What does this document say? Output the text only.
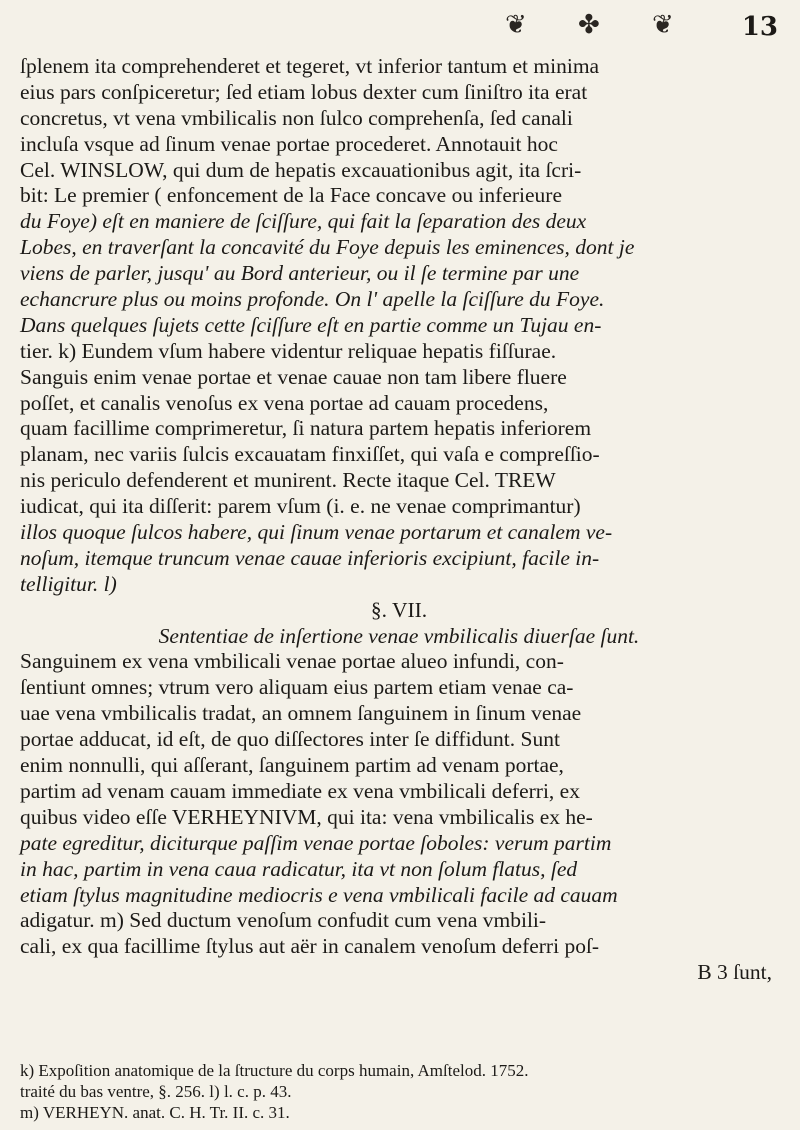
❦ ✤ ❦	13
ſplenem ita comprehenderet et tegeret, vt inferior tantum et minima
eius pars conſpiceretur; ſed etiam lobus dexter cum ſiniſtro ita erat
concretus, vt vena vmbilicalis non ſulco comprehenſa, ſed canali
incluſa vsque ad ſinum venae portae procederet. Annotauit hoc
Cel. WINSLOW, qui dum de hepatis excauationibus agit, ita ſcri-
bit: Le premier ( enfoncement de la Face concave ou inferieure
du Foye) eſt en maniere de ſciſſure, qui fait la ſeparation des deux
Lobes, en traverſant la concavité du Foye depuis les eminences, dont je
viens de parler, jusqu' au Bord anterieur, ou il ſe termine par une
echancrure plus ou moins profonde. On l' apelle la ſciſſure du Foye.
Dans quelques ſujets cette ſciſſure eſt en partie comme un Tujau en-
tier. k) Eundem vſum habere videntur reliquae hepatis fiſſurae.
Sanguis enim venae portae et venae cauae non tam libere fluere
poſſet, et canalis venoſus ex vena portae ad cauam procedens,
quam facillime comprimeretur, ſi natura partem hepatis inferiorem
planam, nec variis ſulcis excauatam finxiſſet, qui vaſa e compreſſio-
nis periculo defenderent et munirent. Recte itaque Cel. TREW
iudicat, qui ita diſſerit: parem vſum (i. e. ne venae comprimantur)
illos quoque ſulcos habere, qui ſinum venae portarum et canalem ve-
noſum, itemque truncum venae cauae inferioris excipiunt, facile in-
telligitur. l)
§. VII.
Sententiae de inſertione venae vmbilicalis diuerſae ſunt.
Sanguinem ex vena vmbilicali venae portae alueo infundi, con-
ſentiunt omnes; vtrum vero aliquam eius partem etiam venae ca-
uae vena vmbilicalis tradat, an omnem ſanguinem in ſinum venae
portae adducat, id eſt, de quo diſſectores inter ſe diffidunt. Sunt
enim nonnulli, qui aſſerant, ſanguinem partim ad venam portae,
partim ad venam cauam immediate ex vena vmbilicali deferri, ex
quibus video eſſe VERHEYNIVM, qui ita: vena vmbilicalis ex he-
pate egreditur, diciturque paſſim venae portae ſoboles: verum partim
in hac, partim in vena caua radicatur, ita vt non ſolum flatus, ſed
etiam ſtylus magnitudine mediocris e vena vmbilicali facile ad cauam
adigatur. m) Sed ductum venoſum confudit cum vena vmbili-
cali, ex qua facillime ſtylus aut aër in canalem venoſum deferri poſ-
B 3 ſunt,
k) Expoſition anatomique de la ſtructure du corps humain, Amſtelod. 1752.
traité du bas ventre, §. 256. l) l. c. p. 43.
m) VERHEYN. anat. C. H. Tr. II. c. 31.
